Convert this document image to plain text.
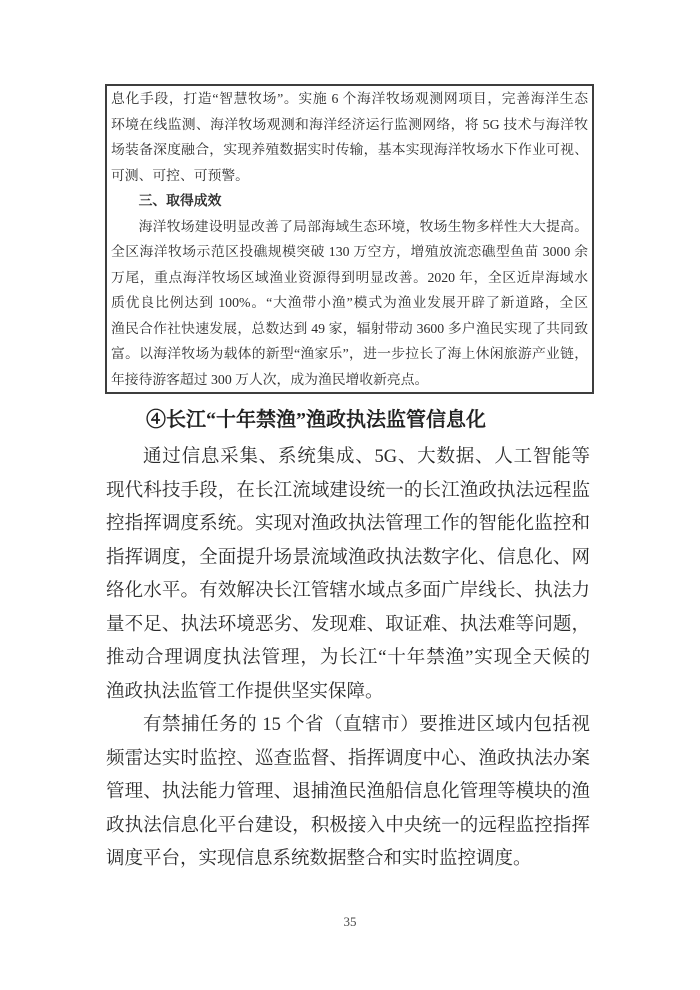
息化手段，打造“智慧牧场”。实施 6 个海洋牧场观测网项目，完善海洋生态
环境在线监测、海洋牧场观测和海洋经济运行监测网络，将 5G 技术与海洋牧
场装备深度融合，实现养殖数据实时传输，基本实现海洋牧场水下作业可视、
可测、可控、可预警。
三、取得成效
海洋牧场建设明显改善了局部海域生态环境，牧场生物多样性大大提高。
全区海洋牧场示范区投礁规模突破 130 万空方，增殖放流恋礁型鱼苗 3000 余
万尾，重点海洋牧场区域渔业资源得到明显改善。2020 年，全区近岸海域水
质优良比例达到 100%。“大渔带小渔”模式为渔业发展开辟了新道路，全区
渔民合作社快速发展，总数达到 49 家，辐射带动 3600 多户渔民实现了共同致
富。以海洋牧场为载体的新型“渔家乐”，进一步拉长了海上休闲旅游产业链，
年接待游客超过 300 万人次，成为渔民增收新亮点。
④长江“十年禁渔”渔政执法监管信息化
通过信息采集、系统集成、5G、大数据、人工智能等
现代科技手段，在长江流域建设统一的长江渔政执法远程监
控指挥调度系统。实现对渔政执法管理工作的智能化监控和
指挥调度，全面提升场景流域渔政执法数字化、信息化、网
络化水平。有效解决长江管辖水域点多面广岸线长、执法力
量不足、执法环境恶劣、发现难、取证难、执法难等问题，
推动合理调度执法管理，为长江“十年禁渔”实现全天候的
渔政执法监管工作提供坚实保障。
有禁捕任务的 15 个省（直辖市）要推进区域内包括视
频雷达实时监控、巡查监督、指挥调度中心、渔政执法办案
管理、执法能力管理、退捕渔民渔船信息化管理等模块的渔
政执法信息化平台建设，积极接入中央统一的远程监控指挥
调度平台，实现信息系统数据整合和实时监控调度。
35
